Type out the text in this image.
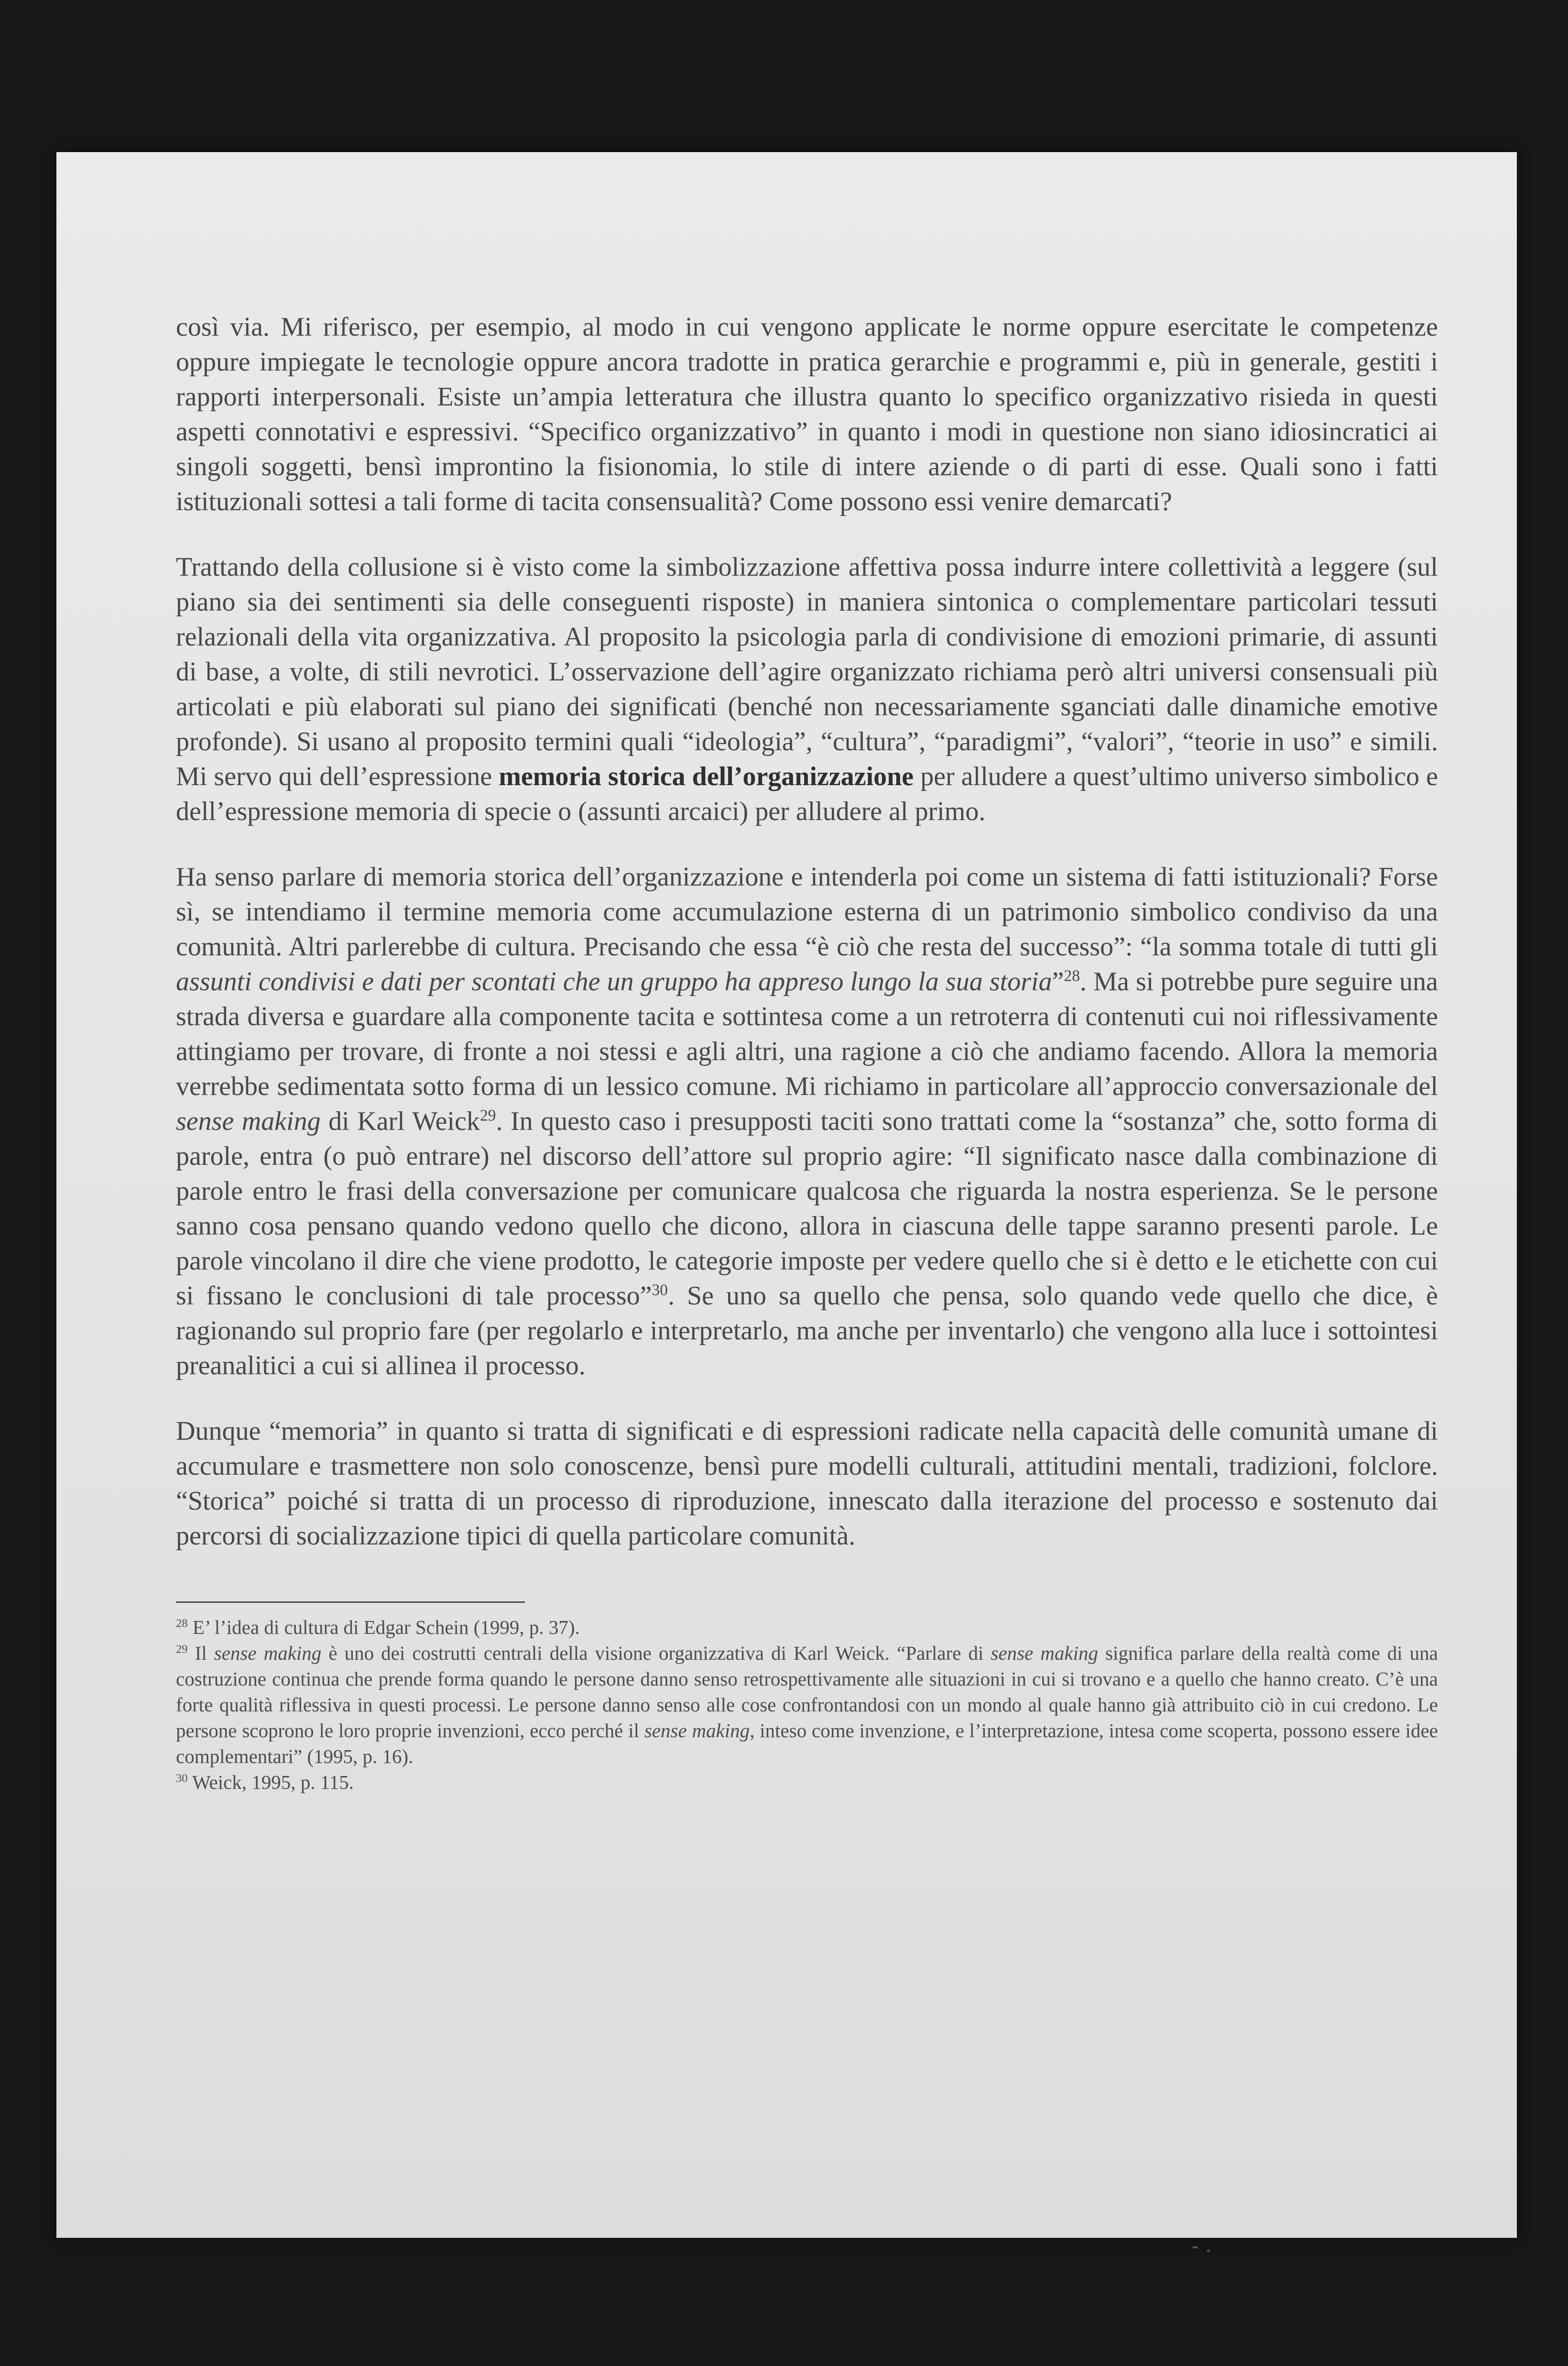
così via. Mi riferisco, per esempio, al modo in cui vengono applicate le norme oppure esercitate le competenze oppure impiegate le tecnologie oppure ancora tradotte in pratica gerarchie e programmi e, più in generale, gestiti i rapporti interpersonali. Esiste un’ampia letteratura che illustra quanto lo specifico organizzativo risieda in questi aspetti connotativi e espressivi. “Specifico organizzativo” in quanto i modi in questione non siano idiosincratici ai singoli soggetti, bensì improntino la fisionomia, lo stile di intere aziende o di parti di esse. Quali sono i fatti istituzionali sottesi a tali forme di tacita consensualità? Come possono essi venire demarcati?

Trattando della collusione si è visto come la simbolizzazione affettiva possa indurre intere collettività a leggere (sul piano sia dei sentimenti sia delle conseguenti risposte) in maniera sintonica o complementare particolari tessuti relazionali della vita organizzativa. Al proposito la psicologia parla di condivisione di emozioni primarie, di assunti di base, a volte, di stili nevrotici. L’osservazione dell’agire organizzato richiama però altri universi consensuali più articolati e più elaborati sul piano dei significati (benché non necessariamente sganciati dalle dinamiche emotive profonde). Si usano al proposito termini quali “ideologia”, “cultura”, “paradigmi”, “valori”, “teorie in uso” e simili. Mi servo qui dell’espressione memoria storica dell’organizzazione per alludere a quest’ultimo universo simbolico e dell’espressione memoria di specie o (assunti arcaici) per alludere al primo.

Ha senso parlare di memoria storica dell’organizzazione e intenderla poi come un sistema di fatti istituzionali? Forse sì, se intendiamo il termine memoria come accumulazione esterna di un patrimonio simbolico condiviso da una comunità. Altri parlerebbe di cultura. Precisando che essa “è ciò che resta del successo”: “la somma totale di tutti gli assunti condivisi e dati per scontati che un gruppo ha appreso lungo la sua storia”$^{28}$. Ma si potrebbe pure seguire una strada diversa e guardare alla componente tacita e sottintesa come a un retroterra di contenuti cui noi riflessivamente attingiamo per trovare, di fronte a noi stessi e agli altri, una ragione a ciò che andiamo facendo. Allora la memoria verrebbe sedimentata sotto forma di un lessico comune. Mi richiamo in particolare all’approccio conversazionale del sense making di Karl Weick$^{29}$. In questo caso i presupposti taciti sono trattati come la “sostanza” che, sotto forma di parole, entra (o può entrare) nel discorso dell’attore sul proprio agire: “Il significato nasce dalla combinazione di parole entro le frasi della conversazione per comunicare qualcosa che riguarda la nostra esperienza. Se le persone sanno cosa pensano quando vedono quello che dicono, allora in ciascuna delle tappe saranno presenti parole. Le parole vincolano il dire che viene prodotto, le categorie imposte per vedere quello che si è detto e le etichette con cui si fissano le conclusioni di tale processo”$^{30}$. Se uno sa quello che pensa, solo quando vede quello che dice, è ragionando sul proprio fare (per regolarlo e interpretarlo, ma anche per inventarlo) che vengono alla luce i sottointesi preanalitici a cui si allinea il processo.

Dunque “memoria” in quanto si tratta di significati e di espressioni radicate nella capacità delle comunità umane di accumulare e trasmettere non solo conoscenze, bensì pure modelli culturali, attitudini mentali, tradizioni, folclore. “Storica” poiché si tratta di un processo di riproduzione, innescato dalla iterazione del processo e sostenuto dai percorsi di socializzazione tipici di quella particolare comunità.

$^{28}$ E’ l’idea di cultura di Edgar Schein (1999, p. 37).

$^{29}$ Il sense making è uno dei costrutti centrali della visione organizzativa di Karl Weick. “Parlare di sense making significa parlare della realtà come di una costruzione continua che prende forma quando le persone danno senso retrospettivamente alle situazioni in cui si trovano e a quello che hanno creato. C’è una forte qualità riflessiva in questi processi. Le persone danno senso alle cose confrontandosi con un mondo al quale hanno già attribuito ciò in cui credono. Le persone scoprono le loro proprie invenzioni, ecco perché il sense making, inteso come invenzione, e l’interpretazione, intesa come scoperta, possono essere idee complementari” (1995, p. 16).

$^{30}$ Weick, 1995, p. 115.
